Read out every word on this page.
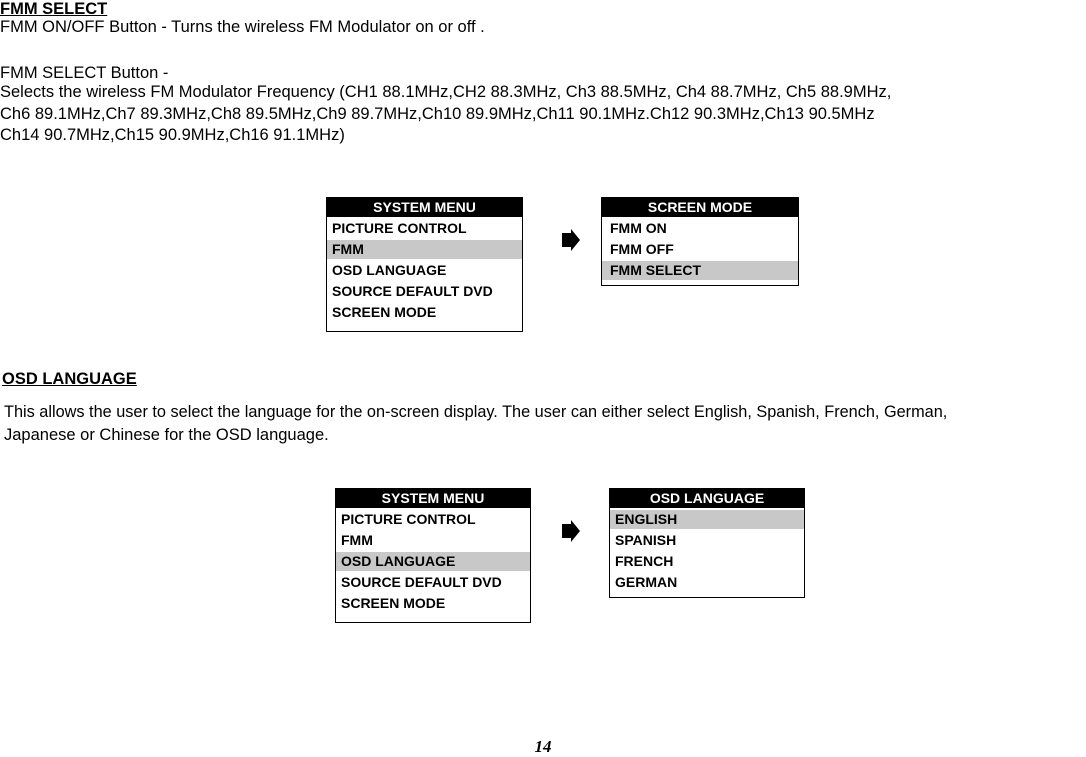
FMM SELECT
FMM ON/OFF Button - Turns the wireless FM Modulator on or off .
FMM SELECT Button -
Selects the wireless FM Modulator Frequency (CH1 88.1MHz,CH2 88.3MHz, Ch3 88.5MHz, Ch4 88.7MHz, Ch5 88.9MHz,
Ch6 89.1MHz,Ch7 89.3MHz,Ch8 89.5MHz,Ch9 89.7MHz,Ch10 89.9MHz,Ch11 90.1MHz.Ch12 90.3MHz,Ch13 90.5MHz
Ch14 90.7MHz,Ch15 90.9MHz,Ch16 91.1MHz)
SYSTEM MENU
PICTURE CONTROL
FMM
OSD LANGUAGE
SOURCE DEFAULT DVD
SCREEN MODE
SCREEN MODE
FMM ON
FMM OFF
FMM SELECT
OSD LANGUAGE
This allows the user to select the language for the on-screen display. The user can either select English, Spanish, French, German,
Japanese or Chinese for the OSD language.
SYSTEM MENU
PICTURE CONTROL
FMM
OSD LANGUAGE
SOURCE DEFAULT DVD
SCREEN MODE
OSD LANGUAGE
ENGLISH
SPANISH
FRENCH
GERMAN
14
